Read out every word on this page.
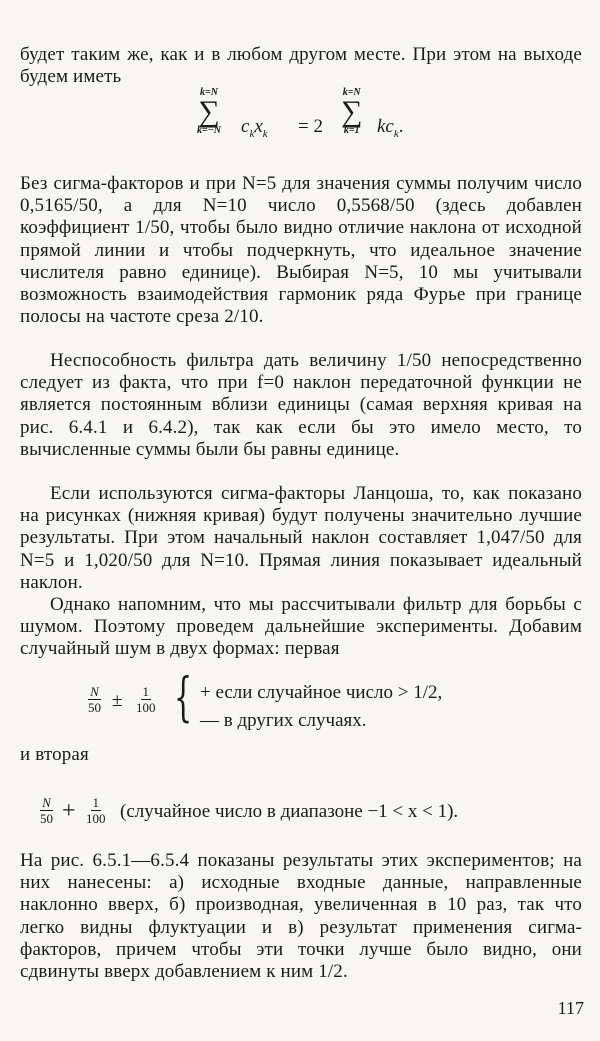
будет таким же, как и в любом другом месте. При этом на выходе будем иметь

k=N
∑
k=−N $c_kx_k = 2$
k=N
∑
k=1 $kc_k$.

Без сигма-факторов и при N=5 для значения суммы получим число 0,5165/50, а для N=10 число 0,5568/50 (здесь добавлен коэффициент 1/50, чтобы было видно отличие наклона от исходной прямой линии и чтобы подчеркнуть, что идеальное значение числителя равно единице). Выбирая N=5, 10 мы учитывали возможность взаимодействия гармоник ряда Фурье при границе полосы на частоте среза 2/10.

Неспособность фильтра дать величину 1/50 непосредственно следует из факта, что при f=0 наклон передаточной функции не является постоянным вблизи единицы (самая верхняя кривая на рис. 6.4.1 и 6.4.2), так как если бы это имело место, то вычисленные суммы были бы равны единице.

Если используются сигма-факторы Ланцоша, то, как показано на рисунках (нижняя кривая) будут получены значительно лучшие результаты. При этом начальный наклон составляет 1,047/50 для N=5 и 1,020/50 для N=10. Прямая линия показывает идеальный наклон.

Однако напомним, что мы рассчитывали фильтр для борьбы с шумом. Поэтому проведем дальнейшие эксперименты. Добавим случайный шум в двух формах: первая

$\frac{N}{50} \pm \frac{1}{100}$ { + если случайное число > 1/2,
— в других случаях.

и вторая

$\frac{N}{50} + \frac{1}{100}$ (случайное число в диапазоне −1 < x < 1).

На рис. 6.5.1—6.5.4 показаны результаты этих экспериментов; на них нанесены: а) исходные входные данные, направленные наклонно вверх, б) производная, увеличенная в 10 раз, так что легко видны флуктуации и в) результат применения сигма-факторов, причем чтобы эти точки лучше было видно, они сдвинуты вверх добавлением к ним 1/2.

117
